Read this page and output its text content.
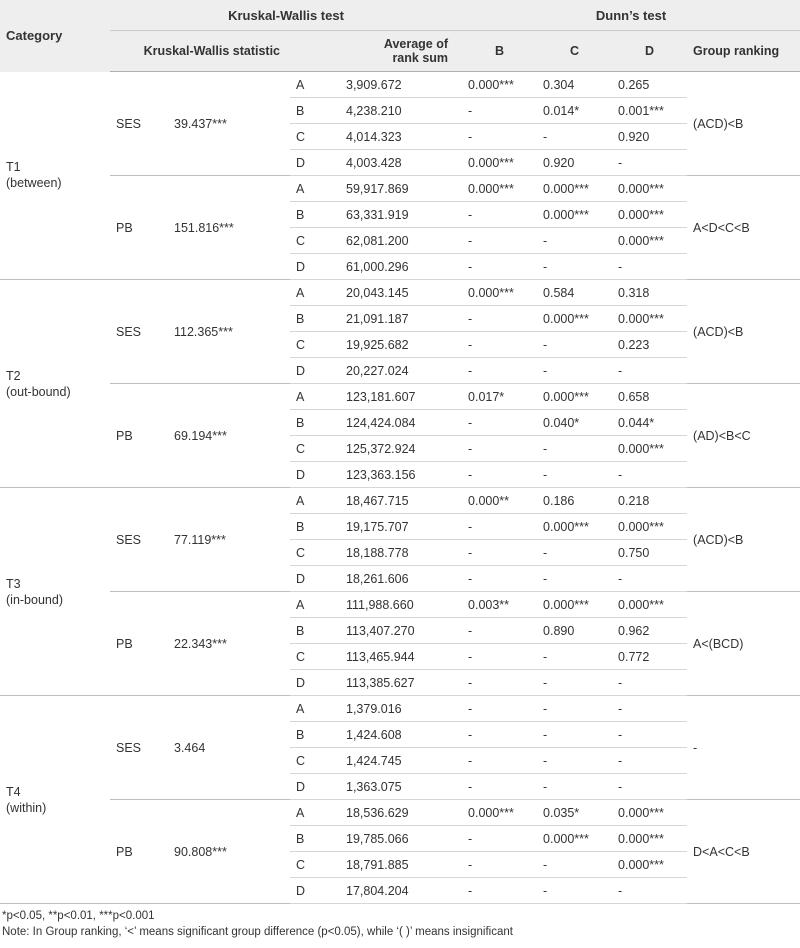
Category	Kruskal-Wallis test				Dunn’s test			
	Kruskal-Wallis statistic		Average of
rank sum		B	C	D	Group ranking
T1
(between)	SES	39.437***	A	3,909.672	0.000***	0.304	0.265	(ACD)<B
			B	4,238.210	-	0.014*	0.001***	
			C	4,014.323	-	-	0.920	
			D	4,003.428	0.000***	0.920	-	
	PB	151.816***	A	59,917.869	0.000***	0.000***	0.000***	A<D<C<B
			B	63,331.919	-	0.000***	0.000***	
			C	62,081.200	-	-	0.000***	
			D	61,000.296	-	-	-	
T2
(out-bound)	SES	112.365***	A	20,043.145	0.000***	0.584	0.318	(ACD)<B
			B	21,091.187	-	0.000***	0.000***	
			C	19,925.682	-	-	0.223	
			D	20,227.024	-	-	-	
	PB	69.194***	A	123,181.607	0.017*	0.000***	0.658	(AD)<B<C
			B	124,424.084	-	0.040*	0.044*	
			C	125,372.924	-	-	0.000***	
			D	123,363.156	-	-	-	
T3
(in-bound)	SES	77.119***	A	18,467.715	0.000**	0.186	0.218	(ACD)<B
			B	19,175.707	-	0.000***	0.000***	
			C	18,188.778	-	-	0.750	
			D	18,261.606	-	-	-	
	PB	22.343***	A	111,988.660	0.003**	0.000***	0.000***	A<(BCD)
			B	113,407.270	-	0.890	0.962	
			C	113,465.944	-	-	0.772	
			D	113,385.627	-	-	-	
T4
(within)	SES	3.464	A	1,379.016	-	-	-	-
			B	1,424.608	-	-	-	
			C	1,424.745	-	-	-	
			D	1,363.075	-	-	-	
	PB	90.808***	A	18,536.629	0.000***	0.035*	0.000***	D<A<C<B
			B	19,785.066	-	0.000***	0.000***	
			C	18,791.885	-	-	0.000***	
			D	17,804.204	-	-	-	
*p<0.05, **p<0.01, ***p<0.001
Note: In Group ranking, ‘<’ means significant group difference (p<0.05), while ‘( )’ means insignificant
